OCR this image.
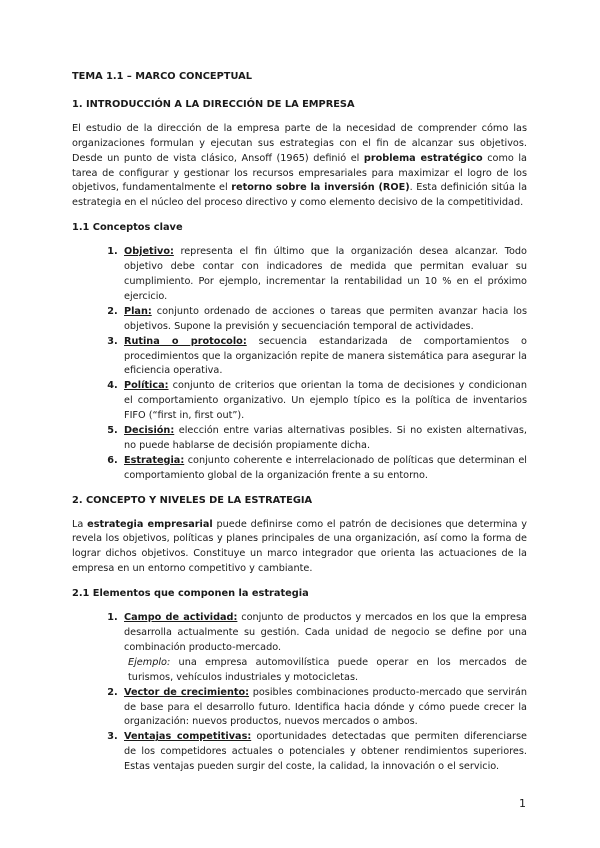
TEMA 1.1 – MARCO CONCEPTUAL
1. INTRODUCCIÓN A LA DIRECCIÓN DE LA EMPRESA

El estudio de la dirección de la empresa parte de la necesidad de comprender cómo las organizaciones formulan y ejecutan sus estrategias con el fin de alcanzar sus objetivos. Desde un punto de vista clásico, Ansoff (1965) definió el problema estratégico como la tarea de configurar y gestionar los recursos empresariales para maximizar el logro de los objetivos, fundamentalmente el retorno sobre la inversión (ROE). Esta definición sitúa la estrategia en el núcleo del proceso directivo y como elemento decisivo de la competitividad.

1.1 Conceptos clave
1. Objetivo: representa el fin último que la organización desea alcanzar. Todo objetivo debe contar con indicadores de medida que permitan evaluar su cumplimiento. Por ejemplo, incrementar la rentabilidad un 10 % en el próximo ejercicio.
2. Plan: conjunto ordenado de acciones o tareas que permiten avanzar hacia los objetivos. Supone la previsión y secuenciación temporal de actividades.
3. Rutina o protocolo: secuencia estandarizada de comportamientos o procedimientos que la organización repite de manera sistemática para asegurar la eficiencia operativa.
4. Política: conjunto de criterios que orientan la toma de decisiones y condicionan el comportamiento organizativo. Un ejemplo típico es la política de inventarios FIFO (“first in, first out”).
5. Decisión: elección entre varias alternativas posibles. Si no existen alternativas, no puede hablarse de decisión propiamente dicha.
6. Estrategia: conjunto coherente e interrelacionado de políticas que determinan el comportamiento global de la organización frente a su entorno.
2. CONCEPTO Y NIVELES DE LA ESTRATEGIA

La estrategia empresarial puede definirse como el patrón de decisiones que determina y revela los objetivos, políticas y planes principales de una organización, así como la forma de lograr dichos objetivos. Constituye un marco integrador que orienta las actuaciones de la empresa en un entorno competitivo y cambiante.

2.1 Elementos que componen la estrategia
1. Campo de actividad: conjunto de productos y mercados en los que la empresa desarrolla actualmente su gestión. Cada unidad de negocio se define por una combinación producto-mercado.
Ejemplo: una empresa automovilística puede operar en los mercados de turismos, vehículos industriales y motocicletas.
2. Vector de crecimiento: posibles combinaciones producto-mercado que servirán de base para el desarrollo futuro. Identifica hacia dónde y cómo puede crecer la organización: nuevos productos, nuevos mercados o ambos.
3. Ventajas competitivas: oportunidades detectadas que permiten diferenciarse de los competidores actuales o potenciales y obtener rendimientos superiores. Estas ventajas pueden surgir del coste, la calidad, la innovación o el servicio.
1
